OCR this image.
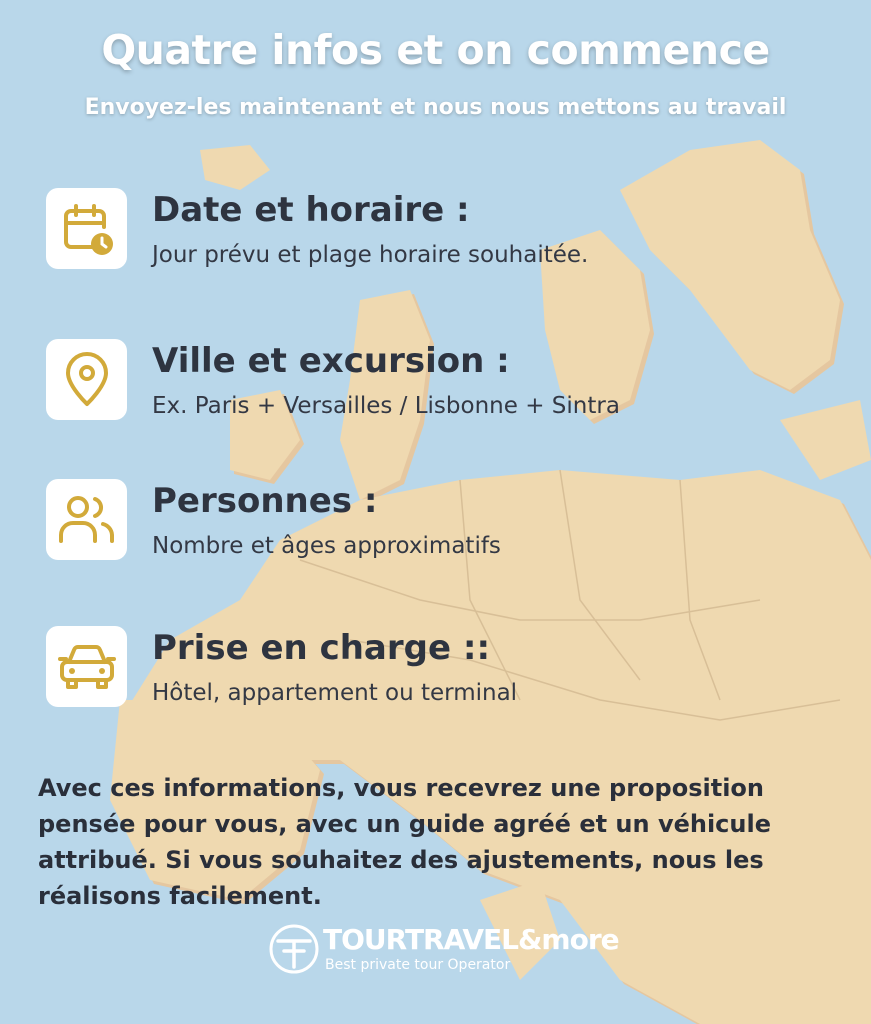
Quatre infos et on commence
Envoyez-les maintenant et nous nous mettons au travail
Date et horaire :
Jour prévu et plage horaire souhaitée.
Ville et excursion :
Ex. Paris + Versailles / Lisbonne + Sintra
Personnes :
Nombre et âges approximatifs
Prise en charge ::
Hôtel, appartement ou terminal
Avec ces informations, vous recevrez une proposition pensée pour vous, avec un guide agréé et un véhicule attribué. Si vous souhaitez des ajustements, nous les réalisons facilement.
TOURTRAVEL&more
Best private tour Operator
